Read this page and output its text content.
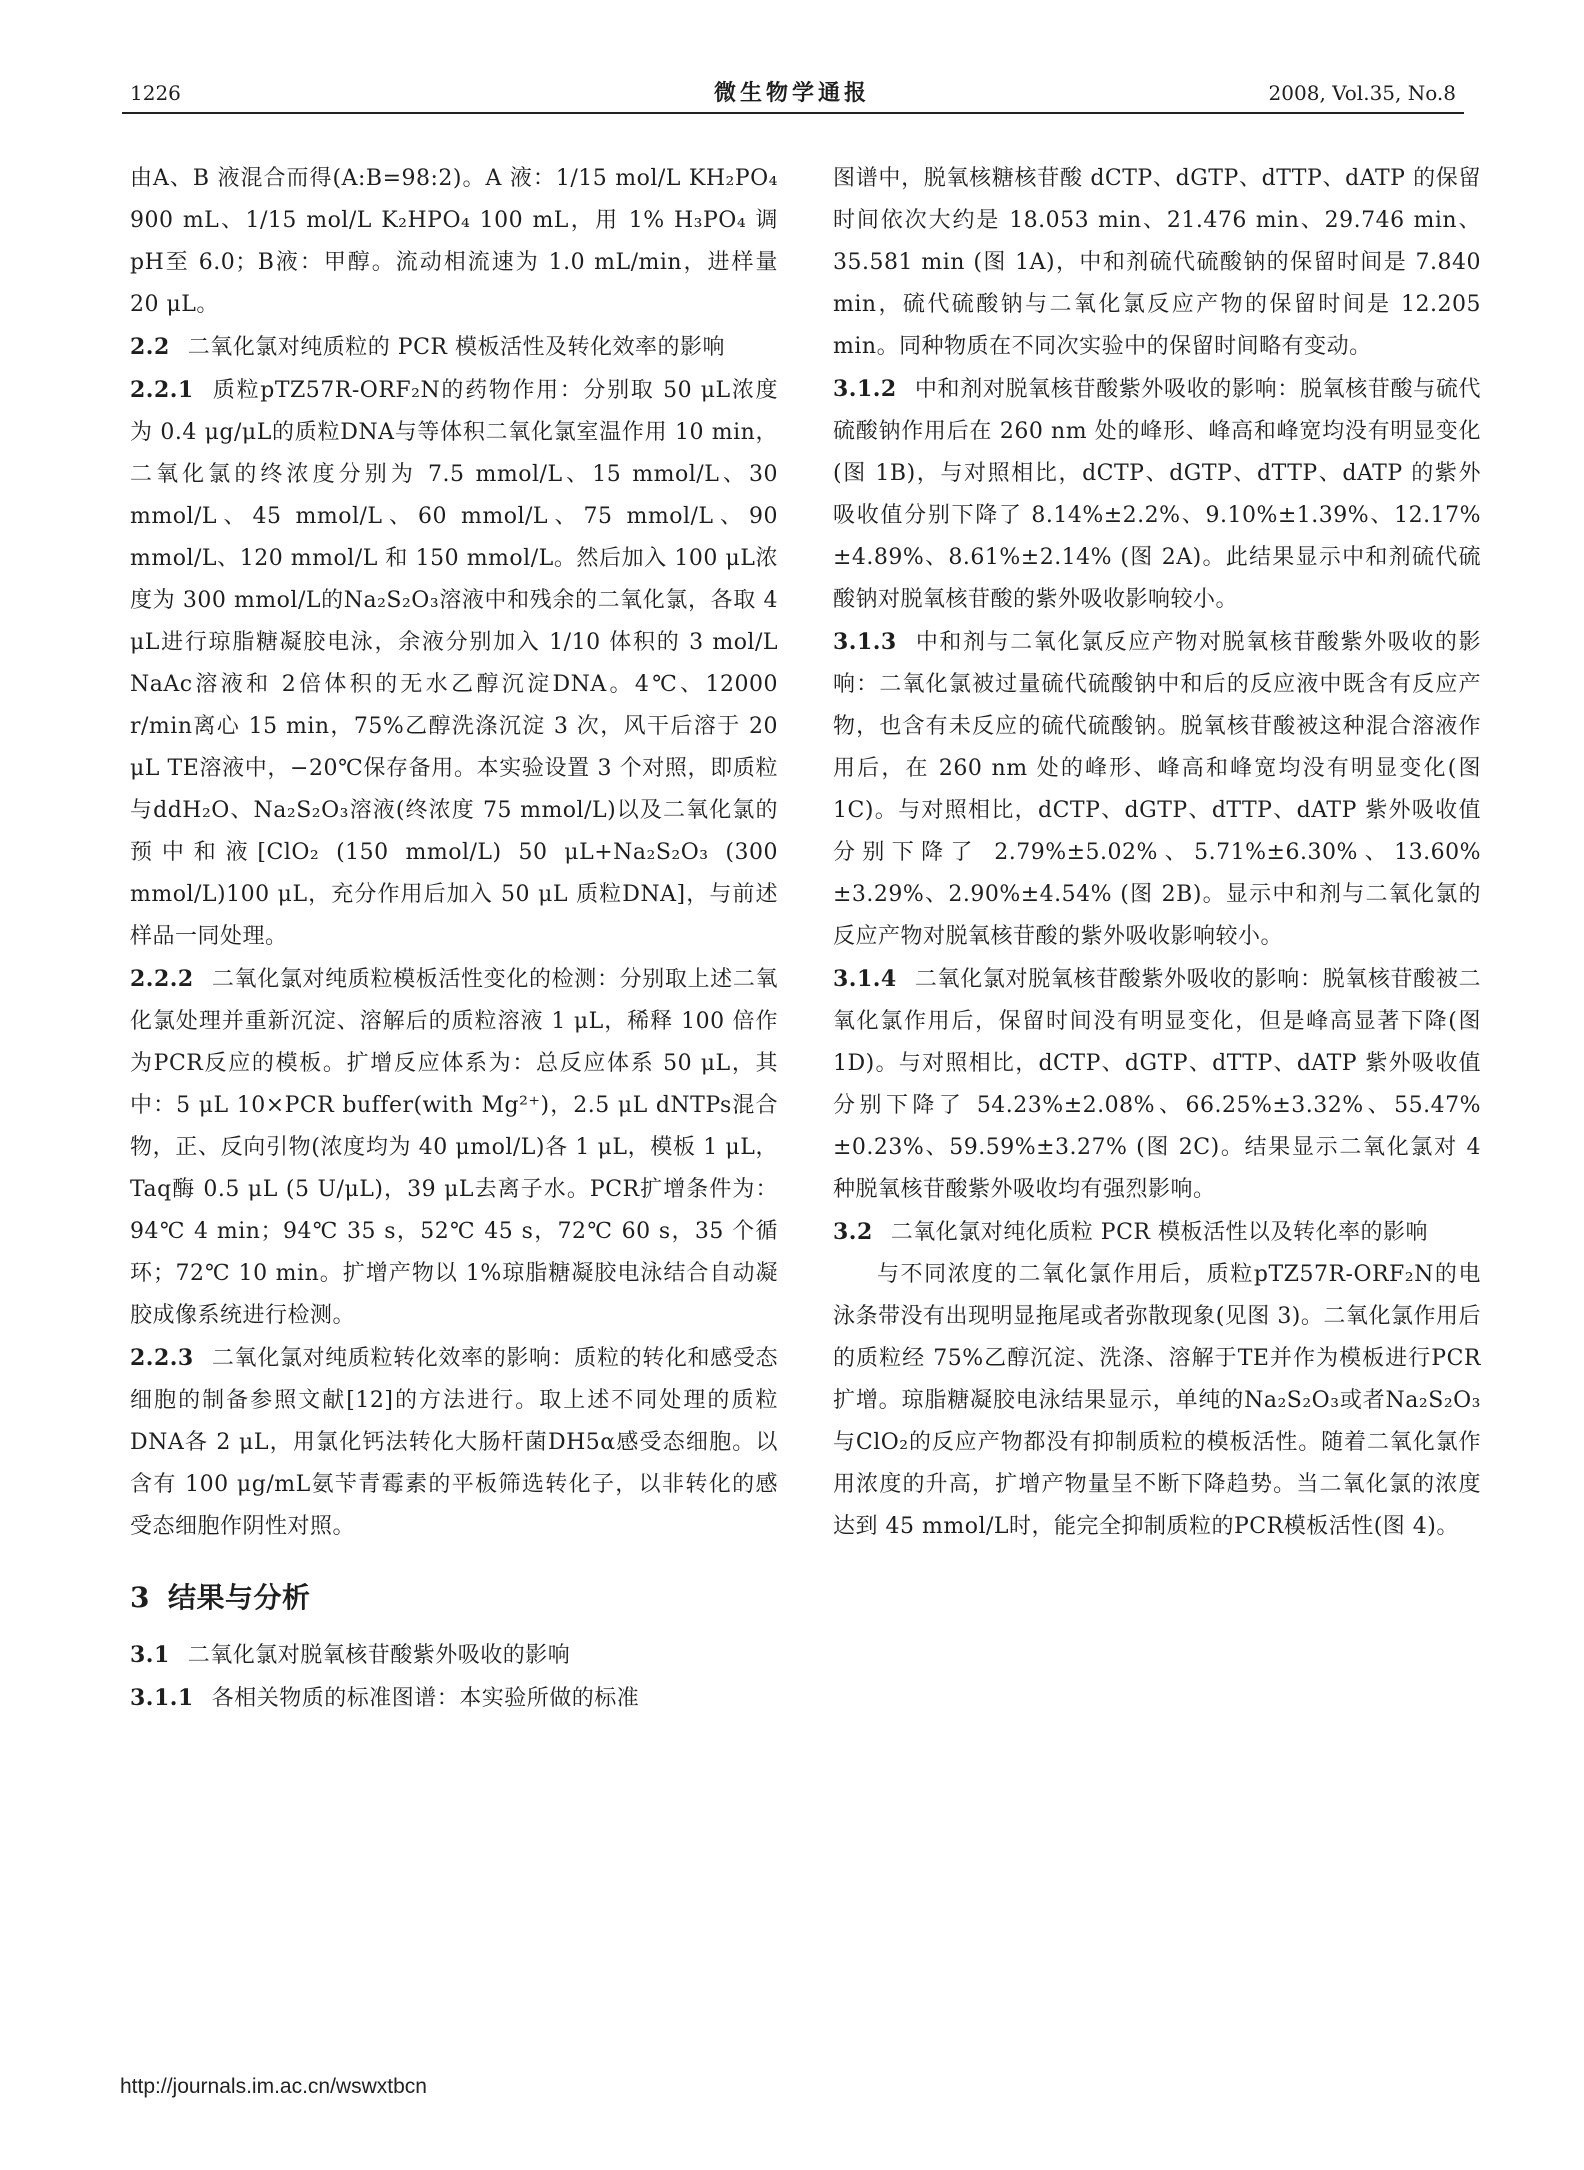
1226	微生物学通报	2008, Vol.35, No.8

由A、B 液混合而得(A:B=98:2)。A 液：1/15 mol/L KH₂PO₄ 900 mL、1/15 mol/L K₂HPO₄ 100 mL，用 1% H₃PO₄ 调pH至 6.0；B液：甲醇。流动相流速为 1.0 mL/min，进样量 20 μL。

2.2 二氧化氯对纯质粒的 PCR 模板活性及转化效率的影响

2.2.1 质粒pTZ57R-ORF₂N的药物作用：分别取 50 μL浓度为 0.4 μg/μL的质粒DNA与等体积二氧化氯室温作用 10 min，二氧化氯的终浓度分别为 7.5 mmol/L、15 mmol/L、30 mmol/L、45 mmol/L、60 mmol/L、75 mmol/L、90 mmol/L、120 mmol/L 和 150 mmol/L。然后加入 100 μL浓度为 300 mmol/L的Na₂S₂O₃溶液中和残余的二氧化氯，各取 4 μL进行琼脂糖凝胶电泳，余液分别加入 1/10 体积的 3 mol/L NaAc溶液和 2倍体积的无水乙醇沉淀DNA。4℃、12000 r/min离心 15 min，75%乙醇洗涤沉淀 3 次，风干后溶于 20 μL TE溶液中，−20℃保存备用。本实验设置 3 个对照，即质粒与ddH₂O、Na₂S₂O₃溶液(终浓度 75 mmol/L)以及二氧化氯的预中和液[ClO₂ (150 mmol/L) 50 μL+Na₂S₂O₃ (300 mmol/L)100 μL，充分作用后加入 50 μL 质粒DNA]，与前述样品一同处理。

2.2.2 二氧化氯对纯质粒模板活性变化的检测：分别取上述二氧化氯处理并重新沉淀、溶解后的质粒溶液 1 μL，稀释 100 倍作为PCR反应的模板。扩增反应体系为：总反应体系 50 μL，其中：5 μL 10×PCR buffer(with Mg²⁺)，2.5 μL dNTPs混合物，正、反向引物(浓度均为 40 μmol/L)各 1 μL，模板 1 μL，Taq酶 0.5 μL (5 U/μL)，39 μL去离子水。PCR扩增条件为：94℃ 4 min；94℃ 35 s，52℃ 45 s，72℃ 60 s，35 个循环；72℃ 10 min。扩增产物以 1%琼脂糖凝胶电泳结合自动凝胶成像系统进行检测。

2.2.3 二氧化氯对纯质粒转化效率的影响：质粒的转化和感受态细胞的制备参照文献[12]的方法进行。取上述不同处理的质粒DNA各 2 μL，用氯化钙法转化大肠杆菌DH5α感受态细胞。以含有 100 μg/mL氨苄青霉素的平板筛选转化子，以非转化的感受态细胞作阴性对照。

3 结果与分析

3.1 二氧化氯对脱氧核苷酸紫外吸收的影响

3.1.1 各相关物质的标准图谱：本实验所做的标准

图谱中，脱氧核糖核苷酸 dCTP、dGTP、dTTP、dATP 的保留时间依次大约是 18.053 min、21.476 min、29.746 min、35.581 min (图 1A)，中和剂硫代硫酸钠的保留时间是 7.840 min，硫代硫酸钠与二氧化氯反应产物的保留时间是 12.205 min。同种物质在不同次实验中的保留时间略有变动。

3.1.2 中和剂对脱氧核苷酸紫外吸收的影响：脱氧核苷酸与硫代硫酸钠作用后在 260 nm 处的峰形、峰高和峰宽均没有明显变化(图 1B)，与对照相比，dCTP、dGTP、dTTP、dATP 的紫外吸收值分别下降了 8.14%±2.2%、9.10%±1.39%、12.17%±4.89%、8.61%±2.14% (图 2A)。此结果显示中和剂硫代硫酸钠对脱氧核苷酸的紫外吸收影响较小。

3.1.3 中和剂与二氧化氯反应产物对脱氧核苷酸紫外吸收的影响：二氧化氯被过量硫代硫酸钠中和后的反应液中既含有反应产物，也含有未反应的硫代硫酸钠。脱氧核苷酸被这种混合溶液作用后，在 260 nm 处的峰形、峰高和峰宽均没有明显变化(图 1C)。与对照相比，dCTP、dGTP、dTTP、dATP 紫外吸收值分别下降了 2.79%±5.02%、5.71%±6.30%、13.60%±3.29%、2.90%±4.54% (图 2B)。显示中和剂与二氧化氯的反应产物对脱氧核苷酸的紫外吸收影响较小。

3.1.4 二氧化氯对脱氧核苷酸紫外吸收的影响：脱氧核苷酸被二氧化氯作用后，保留时间没有明显变化，但是峰高显著下降(图 1D)。与对照相比，dCTP、dGTP、dTTP、dATP 紫外吸收值分别下降了 54.23%±2.08%、66.25%±3.32%、55.47%±0.23%、59.59%±3.27% (图 2C)。结果显示二氧化氯对 4 种脱氧核苷酸紫外吸收均有强烈影响。

3.2 二氧化氯对纯化质粒 PCR 模板活性以及转化率的影响

与不同浓度的二氧化氯作用后，质粒pTZ57R-ORF₂N的电泳条带没有出现明显拖尾或者弥散现象(见图 3)。二氧化氯作用后的质粒经 75%乙醇沉淀、洗涤、溶解于TE并作为模板进行PCR扩增。琼脂糖凝胶电泳结果显示，单纯的Na₂S₂O₃或者Na₂S₂O₃与ClO₂的反应产物都没有抑制质粒的模板活性。随着二氧化氯作用浓度的升高，扩增产物量呈不断下降趋势。当二氧化氯的浓度达到 45 mmol/L时，能完全抑制质粒的PCR模板活性(图 4)。

http://journals.im.ac.cn/wswxtbcn
